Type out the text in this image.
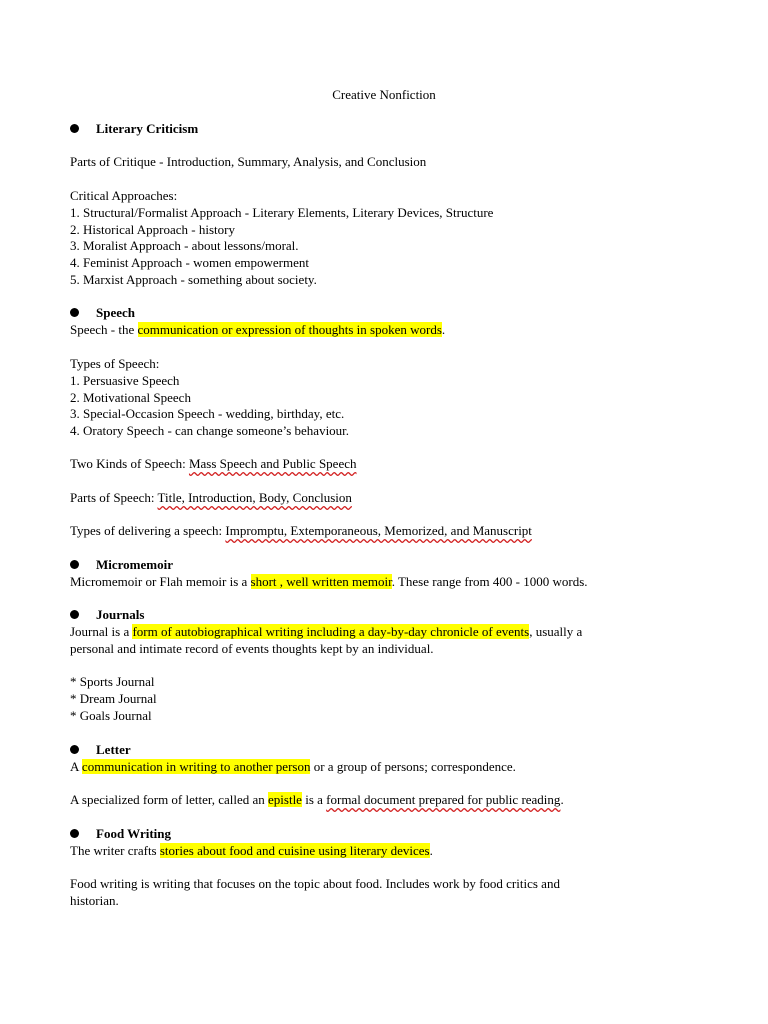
Creative Nonfiction
Literary Criticism
Parts of Critique - Introduction, Summary, Analysis, and Conclusion
Critical Approaches:
1. Structural/Formalist Approach - Literary Elements, Literary Devices, Structure
2. Historical Approach - history
3. Moralist Approach - about lessons/moral.
4. Feminist Approach - women empowerment
5. Marxist Approach - something about society.
Speech
Speech - the communication or expression of thoughts in spoken words.
Types of Speech:
1. Persuasive Speech
2. Motivational Speech
3. Special-Occasion Speech - wedding, birthday, etc.
4. Oratory Speech - can change someone’s behaviour.
Two Kinds of Speech: Mass Speech and Public Speech
Parts of Speech: Title, Introduction, Body, Conclusion
Types of delivering a speech: Impromptu, Extemporaneous, Memorized, and Manuscript
Micromemoir
Micromemoir or Flah memoir is a short , well written memoir. These range from 400 - 1000 words.
Journals
Journal is a form of autobiographical writing including a day-by-day chronicle of events, usually a
personal and intimate record of events thoughts kept by an individual.
* Sports Journal
* Dream Journal
* Goals Journal
Letter
A communication in writing to another person or a group of persons; correspondence.
A specialized form of letter, called an epistle is a formal document prepared for public reading.
Food Writing
The writer crafts stories about food and cuisine using literary devices.
Food writing is writing that focuses on the topic about food. Includes work by food critics and
historian.
